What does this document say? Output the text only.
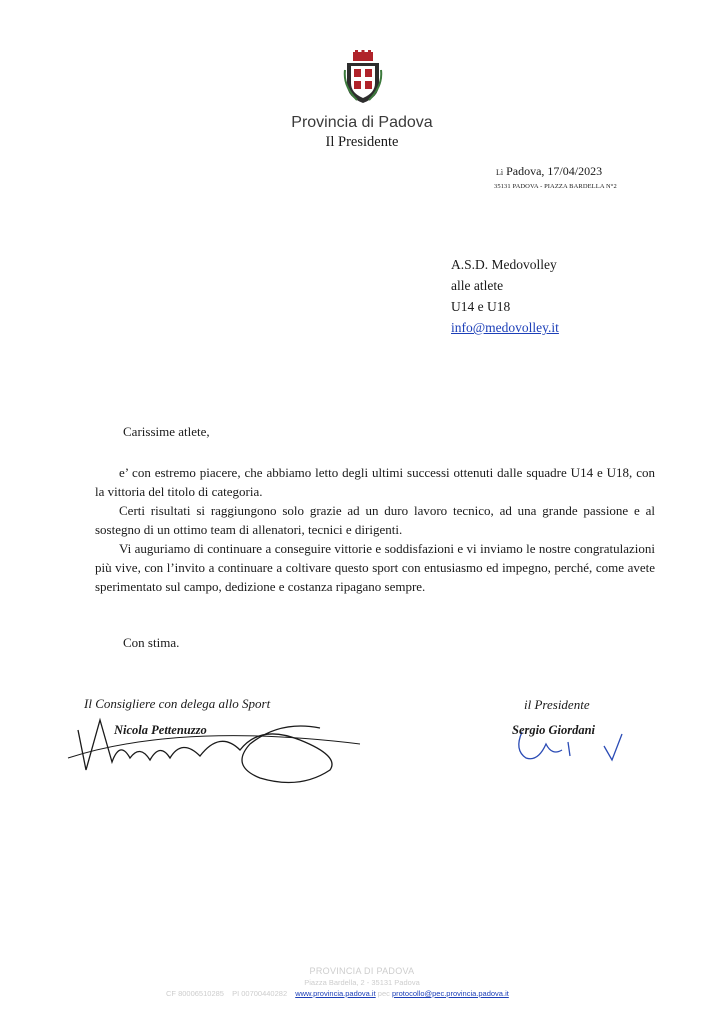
Provincia di Padova
Il Presidente
Lì Padova, 17/04/2023
35131 PADOVA - PIAZZA BARDELLA N°2
A.S.D. Medovolley
alle atlete
U14 e U18
info@medovolley.it
Carissime atlete,

e’ con estremo piacere, che abbiamo letto degli ultimi successi ottenuti dalle squadre U14 e U18, con la vittoria del titolo di categoria.

Certi risultati si raggiungono solo grazie ad un duro lavoro tecnico, ad una grande passione e al sostegno di un ottimo team di allenatori, tecnici e dirigenti.

Vi auguriamo di continuare a conseguire vittorie e soddisfazioni e vi inviamo le nostre congratulazioni più vive, con l’invito a continuare a coltivare questo sport con entusiasmo ed impegno, perché, come avete sperimentato sul campo, dedizione e costanza ripagano sempre.

Con stima.
Il Consigliere con delega allo Sport
Nicola Pettenuzzo
il Presidente
Sergio Giordani
PROVINCIA DI PADOVA
Piazza Bardella, 2 - 35131 Padova
CF 80006510285 PI 00700440282 www.provincia.padova.it pec protocollo@pec.provincia.padova.it
